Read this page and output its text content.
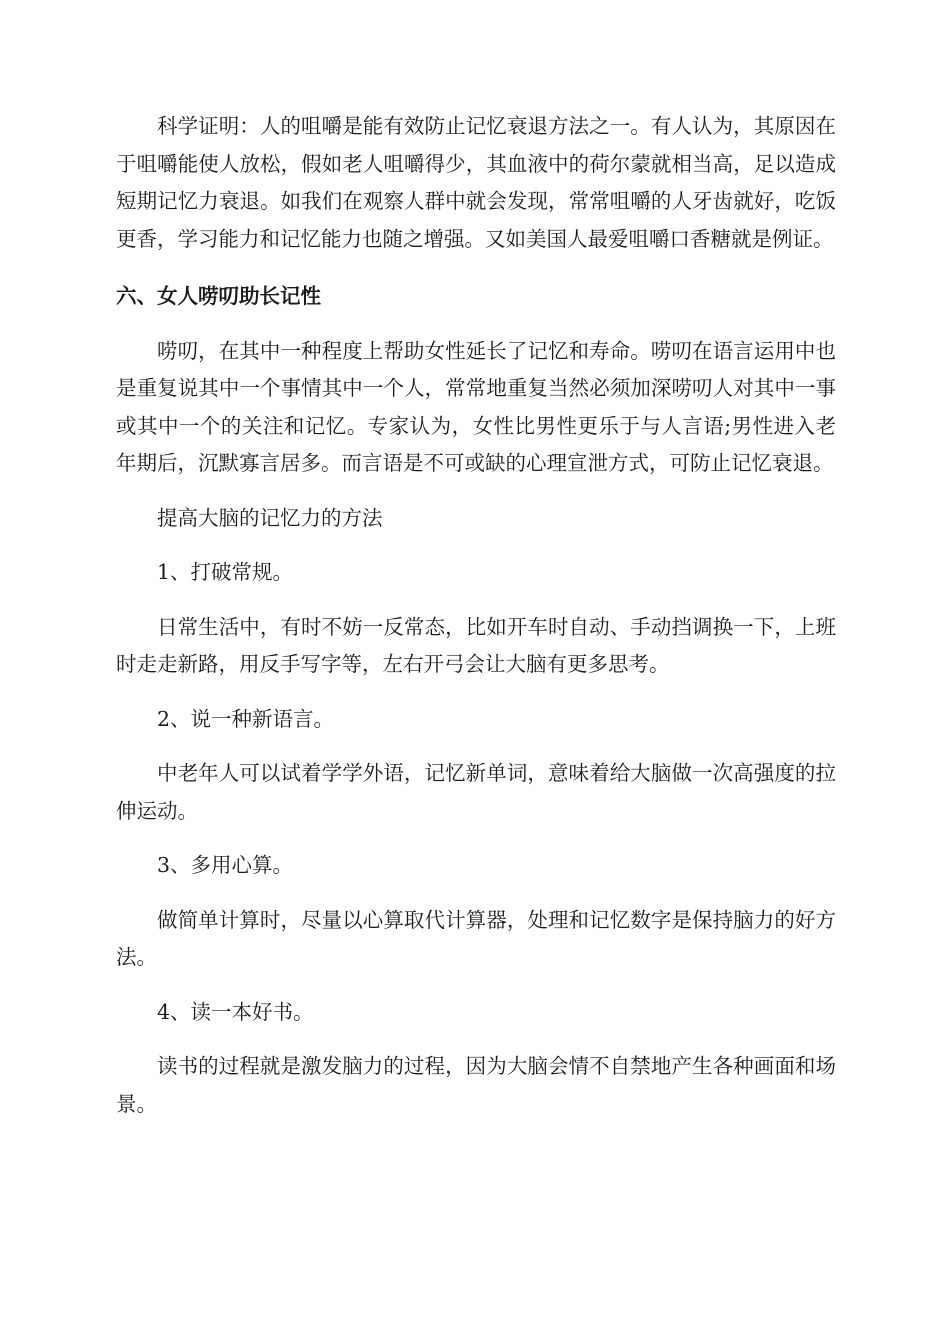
科学证明：人的咀嚼是能有效防止记忆衰退方法之一。有人认为，其原因在于咀嚼能使人放松，假如老人咀嚼得少，其血液中的荷尔蒙就相当高，足以造成短期记忆力衰退。如我们在观察人群中就会发现，常常咀嚼的人牙齿就好，吃饭更香，学习能力和记忆能力也随之增强。又如美国人最爱咀嚼口香糖就是例证。

六、女人唠叨助长记性

唠叨，在其中一种程度上帮助女性延长了记忆和寿命。唠叨在语言运用中也是重复说其中一个事情其中一个人，常常地重复当然必须加深唠叨人对其中一事或其中一个的关注和记忆。专家认为，女性比男性更乐于与人言语;男性进入老年期后，沉默寡言居多。而言语是不可或缺的心理宣泄方式，可防止记忆衰退。

提高大脑的记忆力的方法

1、打破常规。

日常生活中，有时不妨一反常态，比如开车时自动、手动挡调换一下，上班时走走新路，用反手写字等，左右开弓会让大脑有更多思考。

2、说一种新语言。

中老年人可以试着学学外语，记忆新单词，意味着给大脑做一次高强度的拉伸运动。

3、多用心算。

做简单计算时，尽量以心算取代计算器，处理和记忆数字是保持脑力的好方法。

4、读一本好书。

读书的过程就是激发脑力的过程，因为大脑会情不自禁地产生各种画面和场景。
